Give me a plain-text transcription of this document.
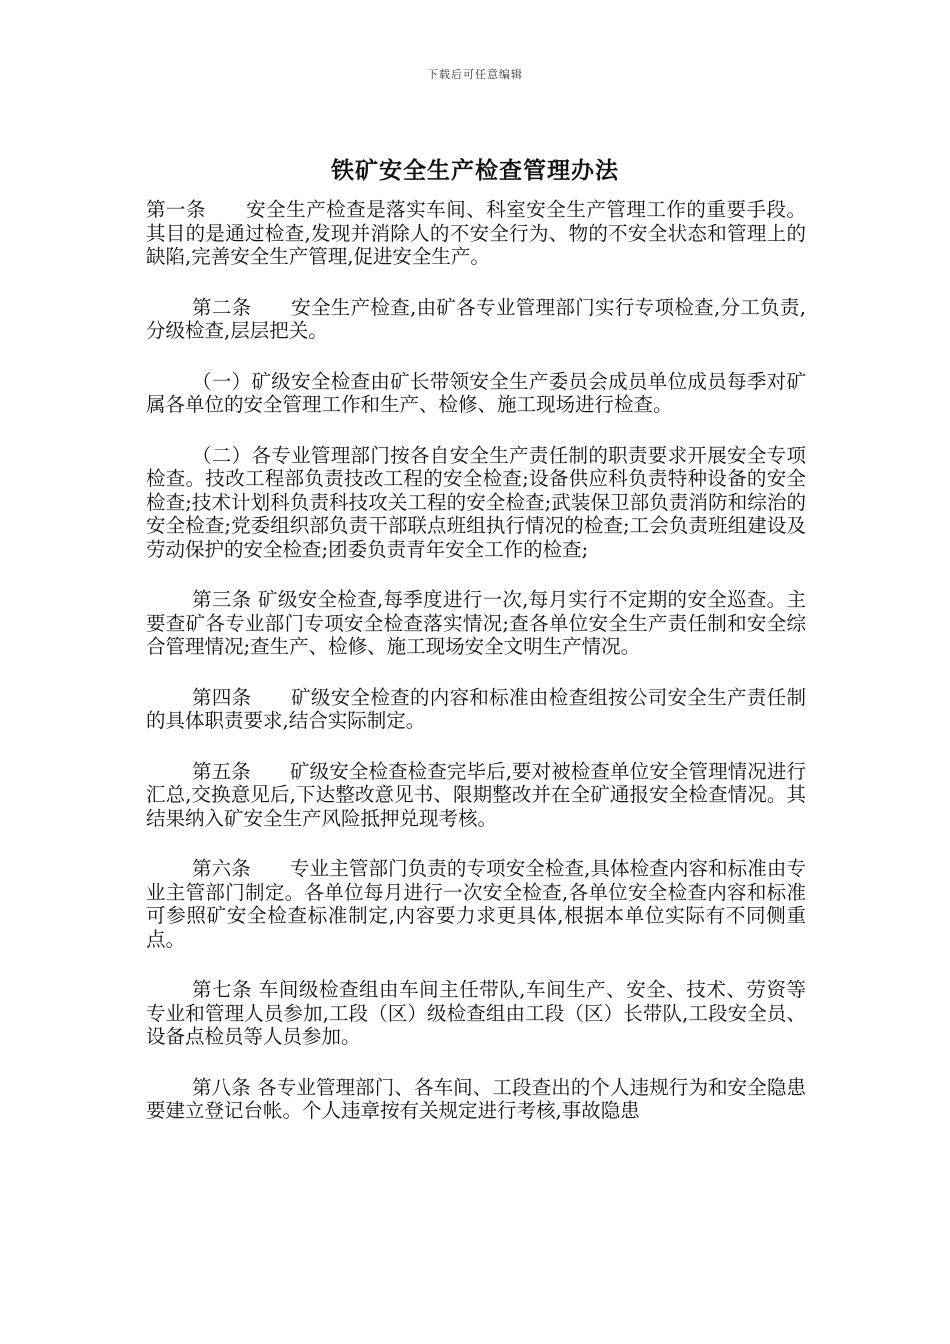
下载后可任意编辑
铁矿安全生产检查管理办法

第一条　　安全生产检查是落实车间、科室安全生产管理工作的重要手段。其目的是通过检查,发现并消除人的不安全行为、物的不安全状态和管理上的缺陷,完善安全生产管理,促进安全生产。

第二条　　安全生产检查,由矿各专业管理部门实行专项检查,分工负责,分级检查,层层把关。

（一）矿级安全检查由矿长带领安全生产委员会成员单位成员每季对矿属各单位的安全管理工作和生产、检修、施工现场进行检查。

（二）各专业管理部门按各自安全生产责任制的职责要求开展安全专项检查。技改工程部负责技改工程的安全检查;设备供应科负责特种设备的安全检查;技术计划科负责科技攻关工程的安全检查;武装保卫部负责消防和综治的安全检查;党委组织部负责干部联点班组执行情况的检查;工会负责班组建设及劳动保护的安全检查;团委负责青年安全工作的检查;

第三条 矿级安全检查,每季度进行一次,每月实行不定期的安全巡查。主要查矿各专业部门专项安全检查落实情况;查各单位安全生产责任制和安全综合管理情况;查生产、检修、施工现场安全文明生产情况。

第四条　　矿级安全检查的内容和标准由检查组按公司安全生产责任制的具体职责要求,结合实际制定。

第五条　　矿级安全检查检查完毕后,要对被检查单位安全管理情况进行汇总,交换意见后,下达整改意见书、限期整改并在全矿通报安全检查情况。其结果纳入矿安全生产风险抵押兑现考核。

第六条　　专业主管部门负责的专项安全检查,具体检查内容和标准由专业主管部门制定。各单位每月进行一次安全检查,各单位安全检查内容和标准可参照矿安全检查标准制定,内容要力求更具体,根据本单位实际有不同侧重点。

第七条 车间级检查组由车间主任带队,车间生产、安全、技术、劳资等专业和管理人员参加,工段（区）级检查组由工段（区）长带队,工段安全员、设备点检员等人员参加。

第八条 各专业管理部门、各车间、工段查出的个人违规行为和安全隐患要建立登记台帐。个人违章按有关规定进行考核,事故隐患
